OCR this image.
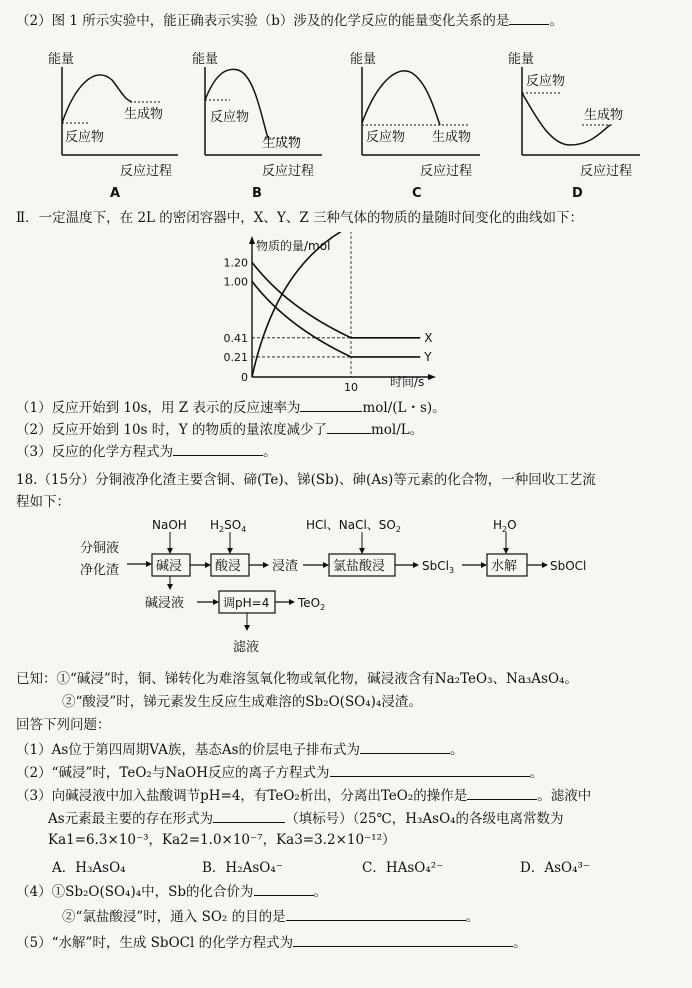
（2）图 1 所示实验中，能正确表示实验（b）涉及的化学反应的能量变化关系的是	。
能量
反应物
生成物
反应过程
A
能量
反应物
生成物
反应过程
B
能量
反应物 生成物
反应过程
C
能量
反应物
生成物
反应过程
D
Ⅱ．一定温度下，在 2L 的密闭容器中，X、Y、Z 三种气体的物质的量随时间变化的曲线如下：
物质的量/mol
时间/s
1.20
1.00
0.41
0.21
0
10
X
Y
（1）反应开始到 10s，用 Z 表示的反应速率为	mol/(L・s)。
（2）反应开始到 10s 时，Y 的物质的量浓度减少了	mol/L。
（3）反应的化学方程式为	。
18.（15分）分铜液净化渣主要含铜、碲(Te)、锑(Sb)、砷(As)等元素的化合物，一种回收工艺流
程如下：
分铜液
净化渣
NaOH
碱浸
$H_2SO_4$
酸浸 浸渣
HCl、NaCl、$SO_2$
氯盐酸浸	SbCl$_3$
$H_2O$
水解	SbOCl
碱浸液	调pH=4 TeO$_2$
滤液
已知：①“碱浸”时，铜、锑转化为难溶氢氧化物或氧化物，碱浸液含有Na₂TeO₃、Na₃AsO₄。
②“酸浸”时，锑元素发生反应生成难溶的Sb₂O(SO₄)₄浸渣。
回答下列问题：
（1）As位于第四周期VA族，基态As的价层电子排布式为	。
（2）“碱浸”时，TeO₂与NaOH反应的离子方程式为	。
（3）向碱浸液中加入盐酸调节pH=4，有TeO₂析出，分离出TeO₂的操作是	。滤液中
As元素最主要的存在形式为	（填标号）（25℃，H₃AsO₄的各级电离常数为
Ka1=6.3×10⁻³，Ka2=1.0×10⁻⁷，Ka3=3.2×10⁻¹²）
A．H₃AsO₄	B．H₂AsO₄⁻	C．HAsO₄²⁻	D．AsO₄³⁻
（4）①Sb₂O(SO₄)₄中，Sb的化合价为	。
②“氯盐酸浸”时，通入 SO₂ 的目的是	。
（5）“水解”时，生成 SbOCl 的化学方程式为	。
